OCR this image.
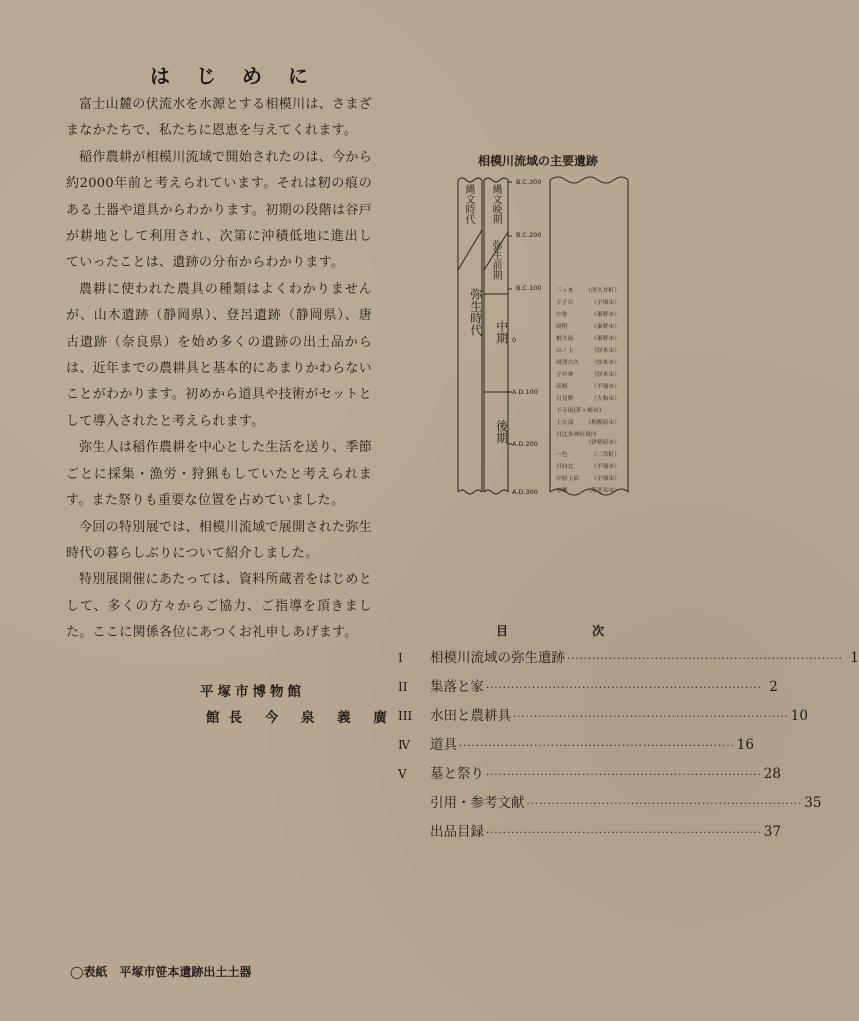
はじめに

富士山麓の伏流水を水源とする相模川は、さまざまなかたちで、私たちに恩恵を与えてくれます。

稲作農耕が相模川流域で開始されたのは、今から約2000年前と考えられています。それは籾の痕のある土器や道具からわかります。初期の段階は谷戸が耕地として利用され、次第に沖積低地に進出していったことは、遺跡の分布からわかります。

農耕に使われた農具の種類はよくわかりませんが、山木遺跡（静岡県）、登呂遺跡（静岡県）、唐古遺跡（奈良県）を始め多くの遺跡の出土品からは、近年までの農耕具と基本的にあまりかわらないことがわかります。初めから道具や技術がセットとして導入されたと考えられます。

弥生人は稲作農耕を中心とした生活を送り、季節ごとに採集・漁労・狩猟もしていたと考えられます。また祭りも重要な位置を占めていました。

今回の特別展では、相模川流域で展開された弥生時代の暮らしぶりについて紹介しました。

特別展開催にあたっては、資料所蔵者をはじめとして、多くの方々からご協力、ご指導を頂きました。ここに関係各位にあつくお礼申しあげます。

平塚市博物館
館長 今 泉 義 廣
相模川流域の主要遺跡
縄文時代
弥生時代
縄文晩期
弥生前期
中期
後期
B.C.300
B.C.200
B.C.100
0
A.D.100
A.D.200
A.D.300
三ッ木 （津久井町）
王子台	（平塚市）
中弥	（秦野市）
岡明	（秦野市）
根久島	（秦野市）
山ノ上	（厚木市）
岡津古久 （厚木市）
子の神	（厚木市）
高根	（平塚市）
月見野	（大和市）
下寺尾(茅ヶ崎市)
上矢部 （相模原市）
日比多神社境内
（伊勢原市）
一色	（二宮町）
日向北	（平塚市）
中原上宿 （平塚市）
本郷	（海老名市）
目 次
I	相模川流域の弥生遺跡 ·································································· 1
II	集落と家 ·································································· 2
III	水田と農耕具 ·································································· 10
Ⅳ	道具 ·································································· 16
V	墓と祭り ·································································· 28
引用・参考文献 ·································································· 35
出品目録 ·································································· 37
◯表紙　平塚市笹本遺跡出土土器
